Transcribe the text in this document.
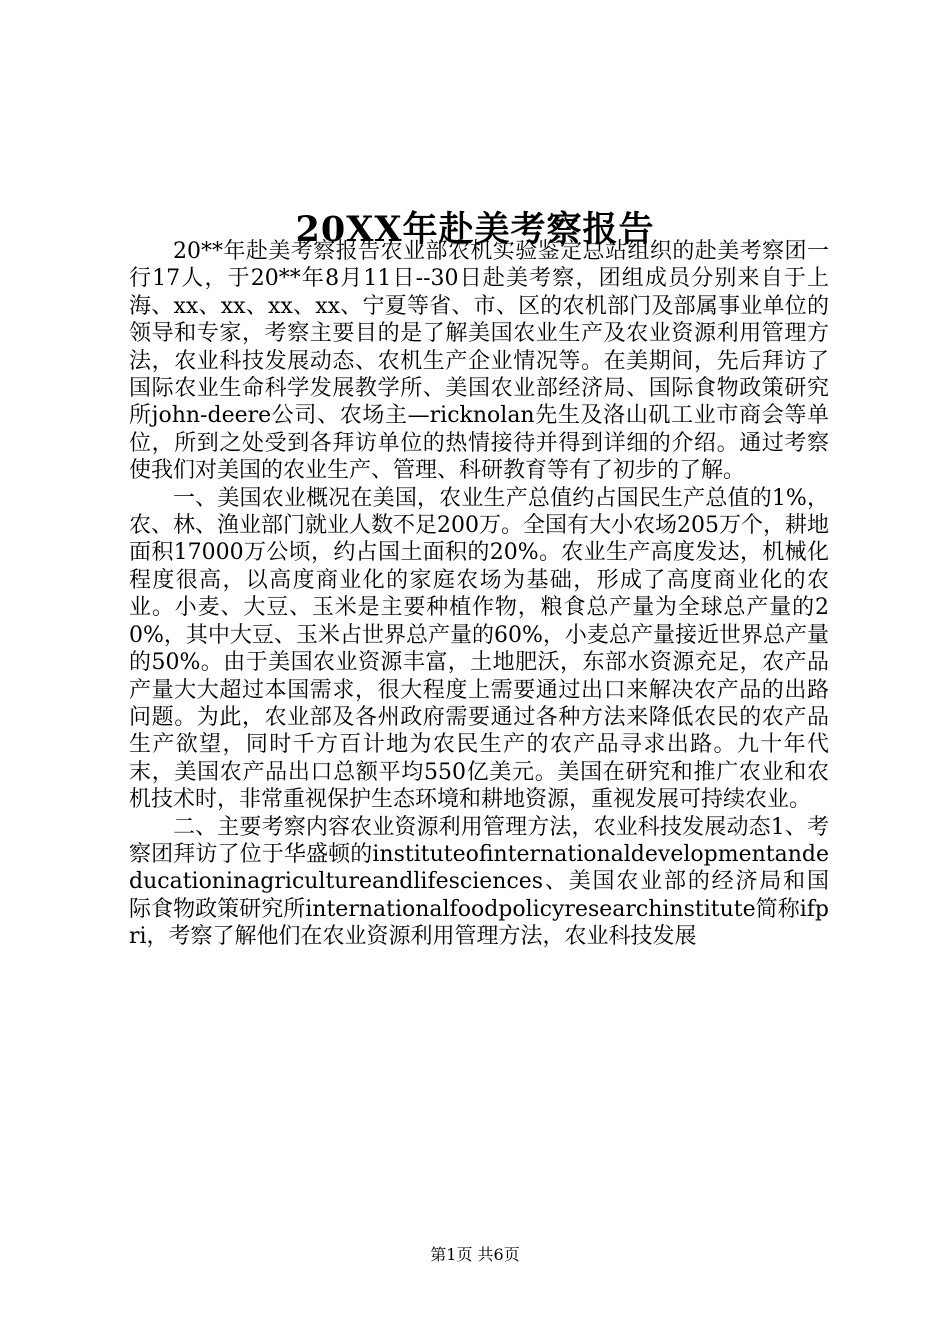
20XX年赴美考察报告

20**年赴美考察报告农业部农机实验鉴定总站组织的赴美考察团一行17人，于20**年8月11日--30日赴美考察，团组成员分别来自于上海、xx、xx、xx、xx、宁夏等省、市、区的农机部门及部属事业单位的领导和专家，考察主要目的是了解美国农业生产及农业资源利用管理方法，农业科技发展动态、农机生产企业情况等。在美期间，先后拜访了国际农业生命科学发展教学所、美国农业部经济局、国际食物政策研究所john-deere公司、农场主—ricknolan先生及洛山矶工业市商会等单位，所到之处受到各拜访单位的热情接待并得到详细的介绍。通过考察使我们对美国的农业生产、管理、科研教育等有了初步的了解。

一、美国农业概况在美国，农业生产总值约占国民生产总值的1%，农、林、渔业部门就业人数不足200万。全国有大小农场205万个，耕地面积17000万公顷，约占国土面积的20%。农业生产高度发达，机械化程度很高，以高度商业化的家庭农场为基础，形成了高度商业化的农业。小麦、大豆、玉米是主要种植作物，粮食总产量为全球总产量的20%，其中大豆、玉米占世界总产量的60%，小麦总产量接近世界总产量的50%。由于美国农业资源丰富，土地肥沃，东部水资源充足，农产品产量大大超过本国需求，很大程度上需要通过出口来解决农产品的出路问题。为此，农业部及各州政府需要通过各种方法来降低农民的农产品生产欲望，同时千方百计地为农民生产的农产品寻求出路。九十年代末，美国农产品出口总额平均550亿美元。美国在研究和推广农业和农机技术时，非常重视保护生态环境和耕地资源，重视发展可持续农业。

二、主要考察内容农业资源利用管理方法，农业科技发展动态1、考察团拜访了位于华盛顿的instituteofinternationaldevelopmentandeducationinagricultureandlifesciences、美国农业部的经济局和国际食物政策研究所internationalfoodpolicyresearchinstitute简称ifpri，考察了解他们在农业资源利用管理方法，农业科技发展

第1页 共6页
